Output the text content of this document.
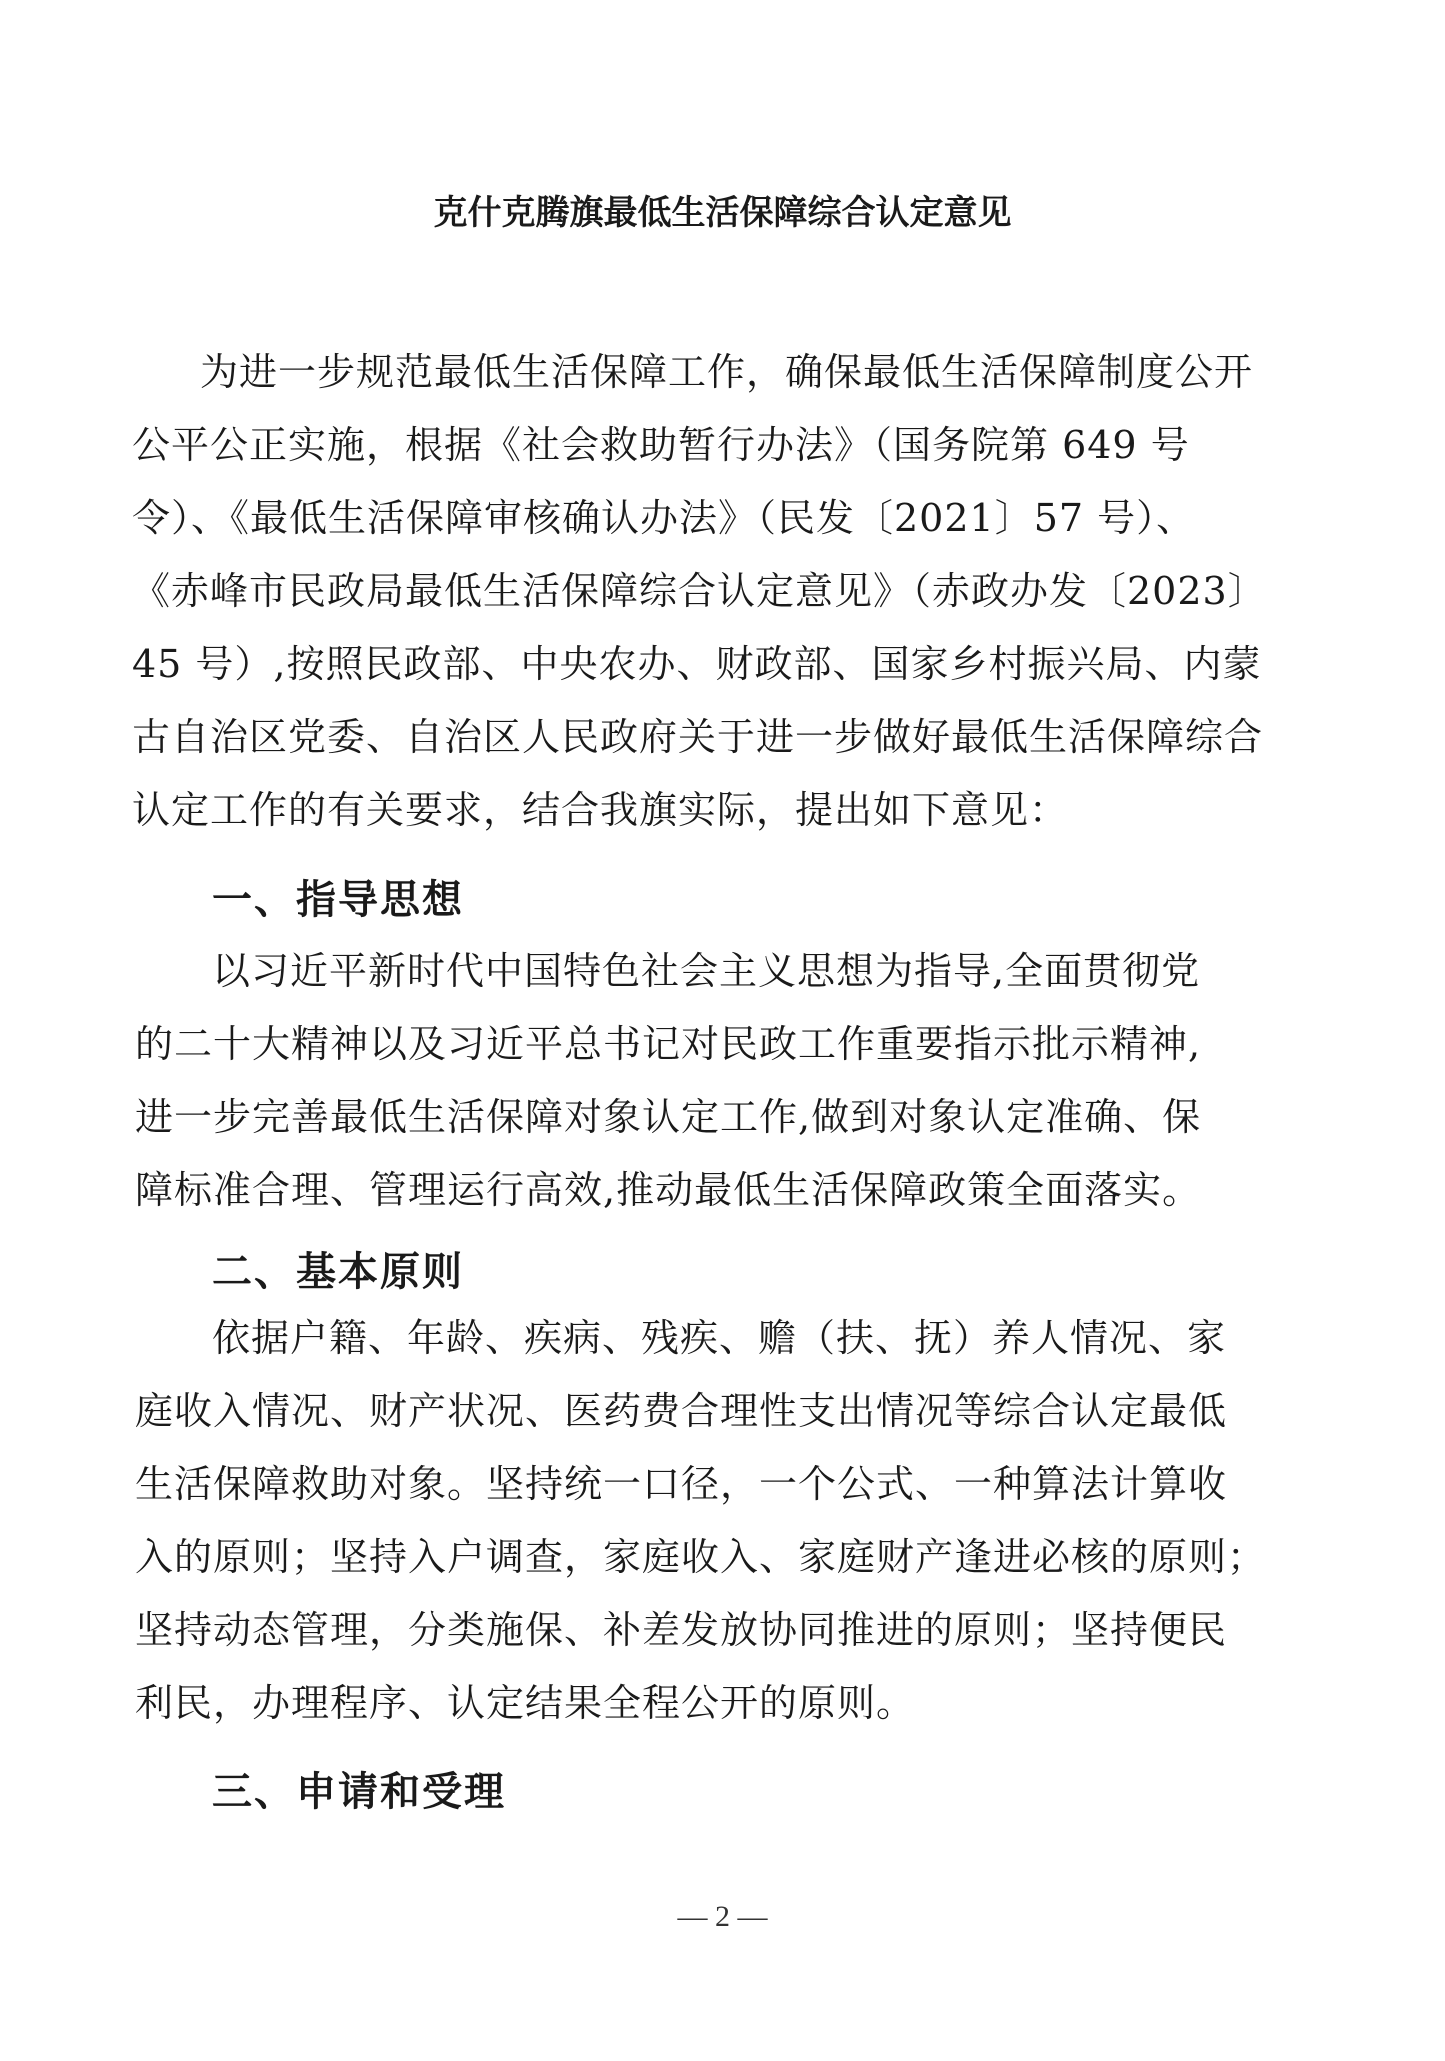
克什克腾旗最低生活保障综合认定意见
为进一步规范最低生活保障工作，确保最低生活保障制度公开
公平公正实施，根据《社会救助暂行办法》（国务院第 649 号
令）、《最低生活保障审核确认办法》（民发〔2021〕57 号）、
《赤峰市民政局最低生活保障综合认定意见》（赤政办发〔2023〕
45 号）,按照民政部、中央农办、财政部、国家乡村振兴局、内蒙
古自治区党委、自治区人民政府关于进一步做好最低生活保障综合
认定工作的有关要求，结合我旗实际，提出如下意见：
一、指导思想
以习近平新时代中国特色社会主义思想为指导,全面贯彻党
的二十大精神以及习近平总书记对民政工作重要指示批示精神,
进一步完善最低生活保障对象认定工作,做到对象认定准确、保
障标准合理、管理运行高效,推动最低生活保障政策全面落实。
二、基本原则
依据户籍、年龄、疾病、残疾、赡（扶、抚）养人情况、家
庭收入情况、财产状况、医药费合理性支出情况等综合认定最低
生活保障救助对象。坚持统一口径，一个公式、一种算法计算收
入的原则；坚持入户调查，家庭收入、家庭财产逢进必核的原则；
坚持动态管理，分类施保、补差发放协同推进的原则；坚持便民
利民，办理程序、认定结果全程公开的原则。
三、申请和受理
— 2 —
